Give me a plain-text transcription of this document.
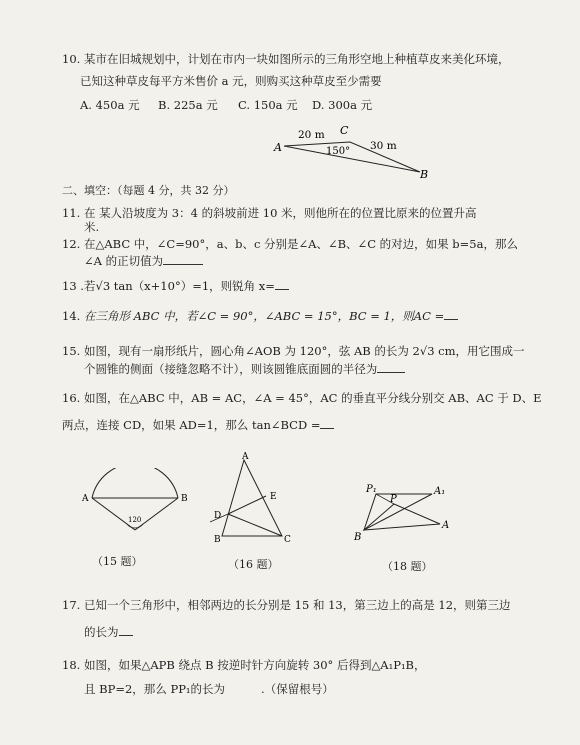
10. 某市在旧城规划中，计划在市内一块如图所示的三角形空地上种植草皮来美化环境，
已知这种草皮每平方米售价 a 元，则购买这种草皮至少需要
A. 450a 元 B. 225a 元 C. 150a 元 D. 300a 元
A
C
B
20 m
150° 30 m
二、填空：（每题 4 分，共 32 分）
11. 在 某人沿坡度为 3：4 的斜坡前进 10 米，则他所在的位置比原来的位置升高
米.
12. 在△ABC 中，∠C=90°，a、b、c 分别是∠A、∠B、∠C 的对边，如果 b=5a，那么
∠A 的正切值为
13 .若√3 tan（x+10°）=1，则锐角 x=
14. 在三角形 ABC 中，若∠C = 90°，∠ABC = 15°，BC = 1，则AC =
15. 如图，现有一扇形纸片，圆心角∠AOB 为 120°，弦 AB 的长为 2√3 cm，用它围成一
个圆锥的侧面（接缝忽略不计），则该圆锥底面圆的半径为
16. 如图，在△ABC 中，AB = AC，∠A = 45°，AC 的垂直平分线分别交 AB、AC 于 D、E
两点，连接 CD，如果 AD=1，那么 tan∠BCD =
A	B
120
（15 题）
A
D
E
B	C
（16 题）
P₁	A₁
P
B
A
（18 题）
17. 已知一个三角形中，相邻两边的长分别是 15 和 13，第三边上的高是 12，则第三边
的长为
18. 如图，如果△APB 绕点 B 按逆时针方向旋转 30° 后得到△A₁P₁B，
且 BP=2，那么 PP₁的长为	.（保留根号）
